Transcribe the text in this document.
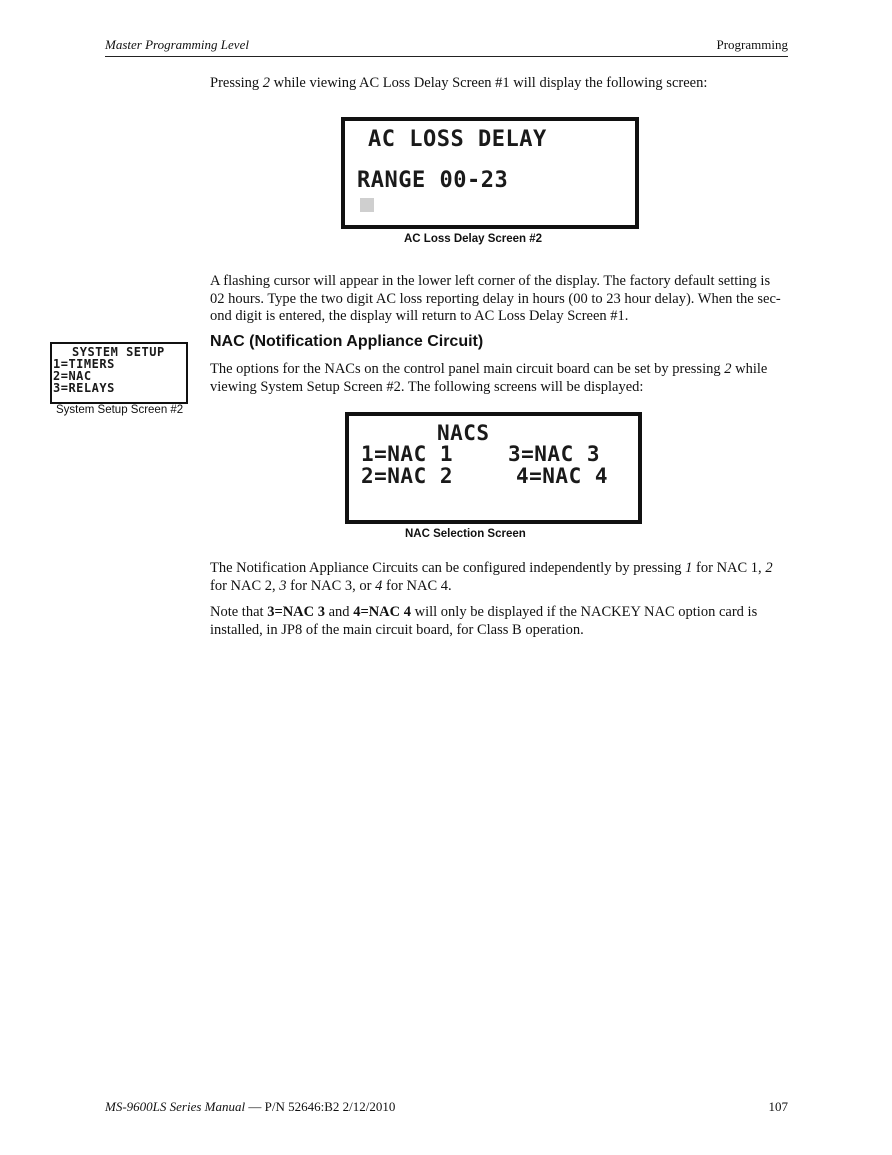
Master Programming Level	Programming
Pressing 2 while viewing AC Loss Delay Screen #1 will display the following screen:
AC LOSS DELAY
RANGE 00-23
AC Loss Delay Screen #2
A flashing cursor will appear in the lower left corner of the display. The factory default setting is
02 hours. Type the two digit AC loss reporting delay in hours (00 to 23 hour delay). When the sec-
ond digit is entered, the display will return to AC Loss Delay Screen #1.
SYSTEM SETUP
1=TIMERS
2=NAC
3=RELAYS
System Setup Screen #2
NAC (Notification Appliance Circuit)
The options for the NACs on the control panel main circuit board can be set by pressing 2 while
viewing System Setup Screen #2. The following screens will be displayed:
NACS
1=NAC 1	3=NAC 3
2=NAC 2	4=NAC 4
NAC Selection Screen
The Notification Appliance Circuits can be configured independently by pressing 1 for NAC 1, 2
for NAC 2, 3 for NAC 3, or 4 for NAC 4.
Note that 3=NAC 3 and 4=NAC 4 will only be displayed if the NACKEY NAC option card is
installed, in JP8 of the main circuit board, for Class B operation.
MS-9600LS Series Manual — P/N 52646:B2 2/12/2010	107
